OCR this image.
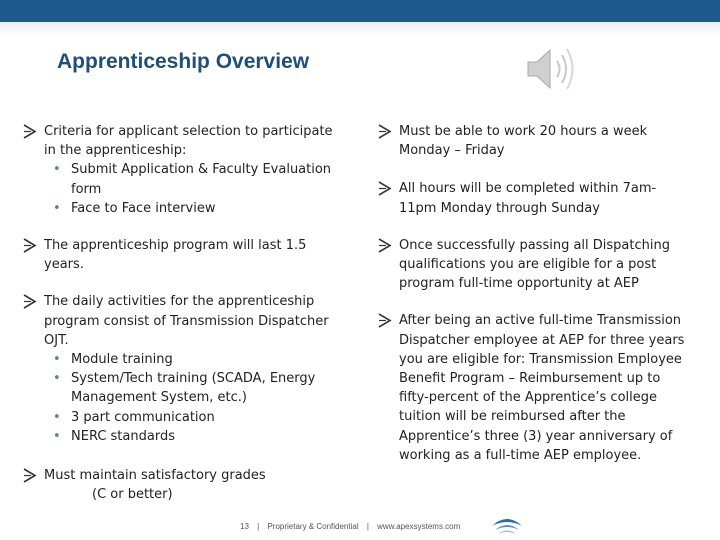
Apprenticeship Overview
Criteria for applicant selection to participate
in the apprenticeship:
• Submit Application & Faculty Evaluation
form
• Face to Face interview
The apprenticeship program will last 1.5
years.
The daily activities for the apprenticeship
program consist of Transmission Dispatcher
OJT.
• Module training
• System/Tech training (SCADA, Energy
Management System, etc.)
• 3 part communication
• NERC standards
Must maintain satisfactory grades
(C or better)
Must be able to work 20 hours a week
Monday – Friday
All hours will be completed within 7am-
11pm Monday through Sunday
Once successfully passing all Dispatching
qualifications you are eligible for a post
program full-time opportunity at AEP
After being an active full-time Transmission
Dispatcher employee at AEP for three years
you are eligible for: Transmission Employee
Benefit Program – Reimbursement up to
fifty-percent of the Apprentice’s college
tuition will be reimbursed after the
Apprentice’s three (3) year anniversary of
working as a full-time AEP employee.
13 | Proprietary & Confidential | www.apexsystems.com
